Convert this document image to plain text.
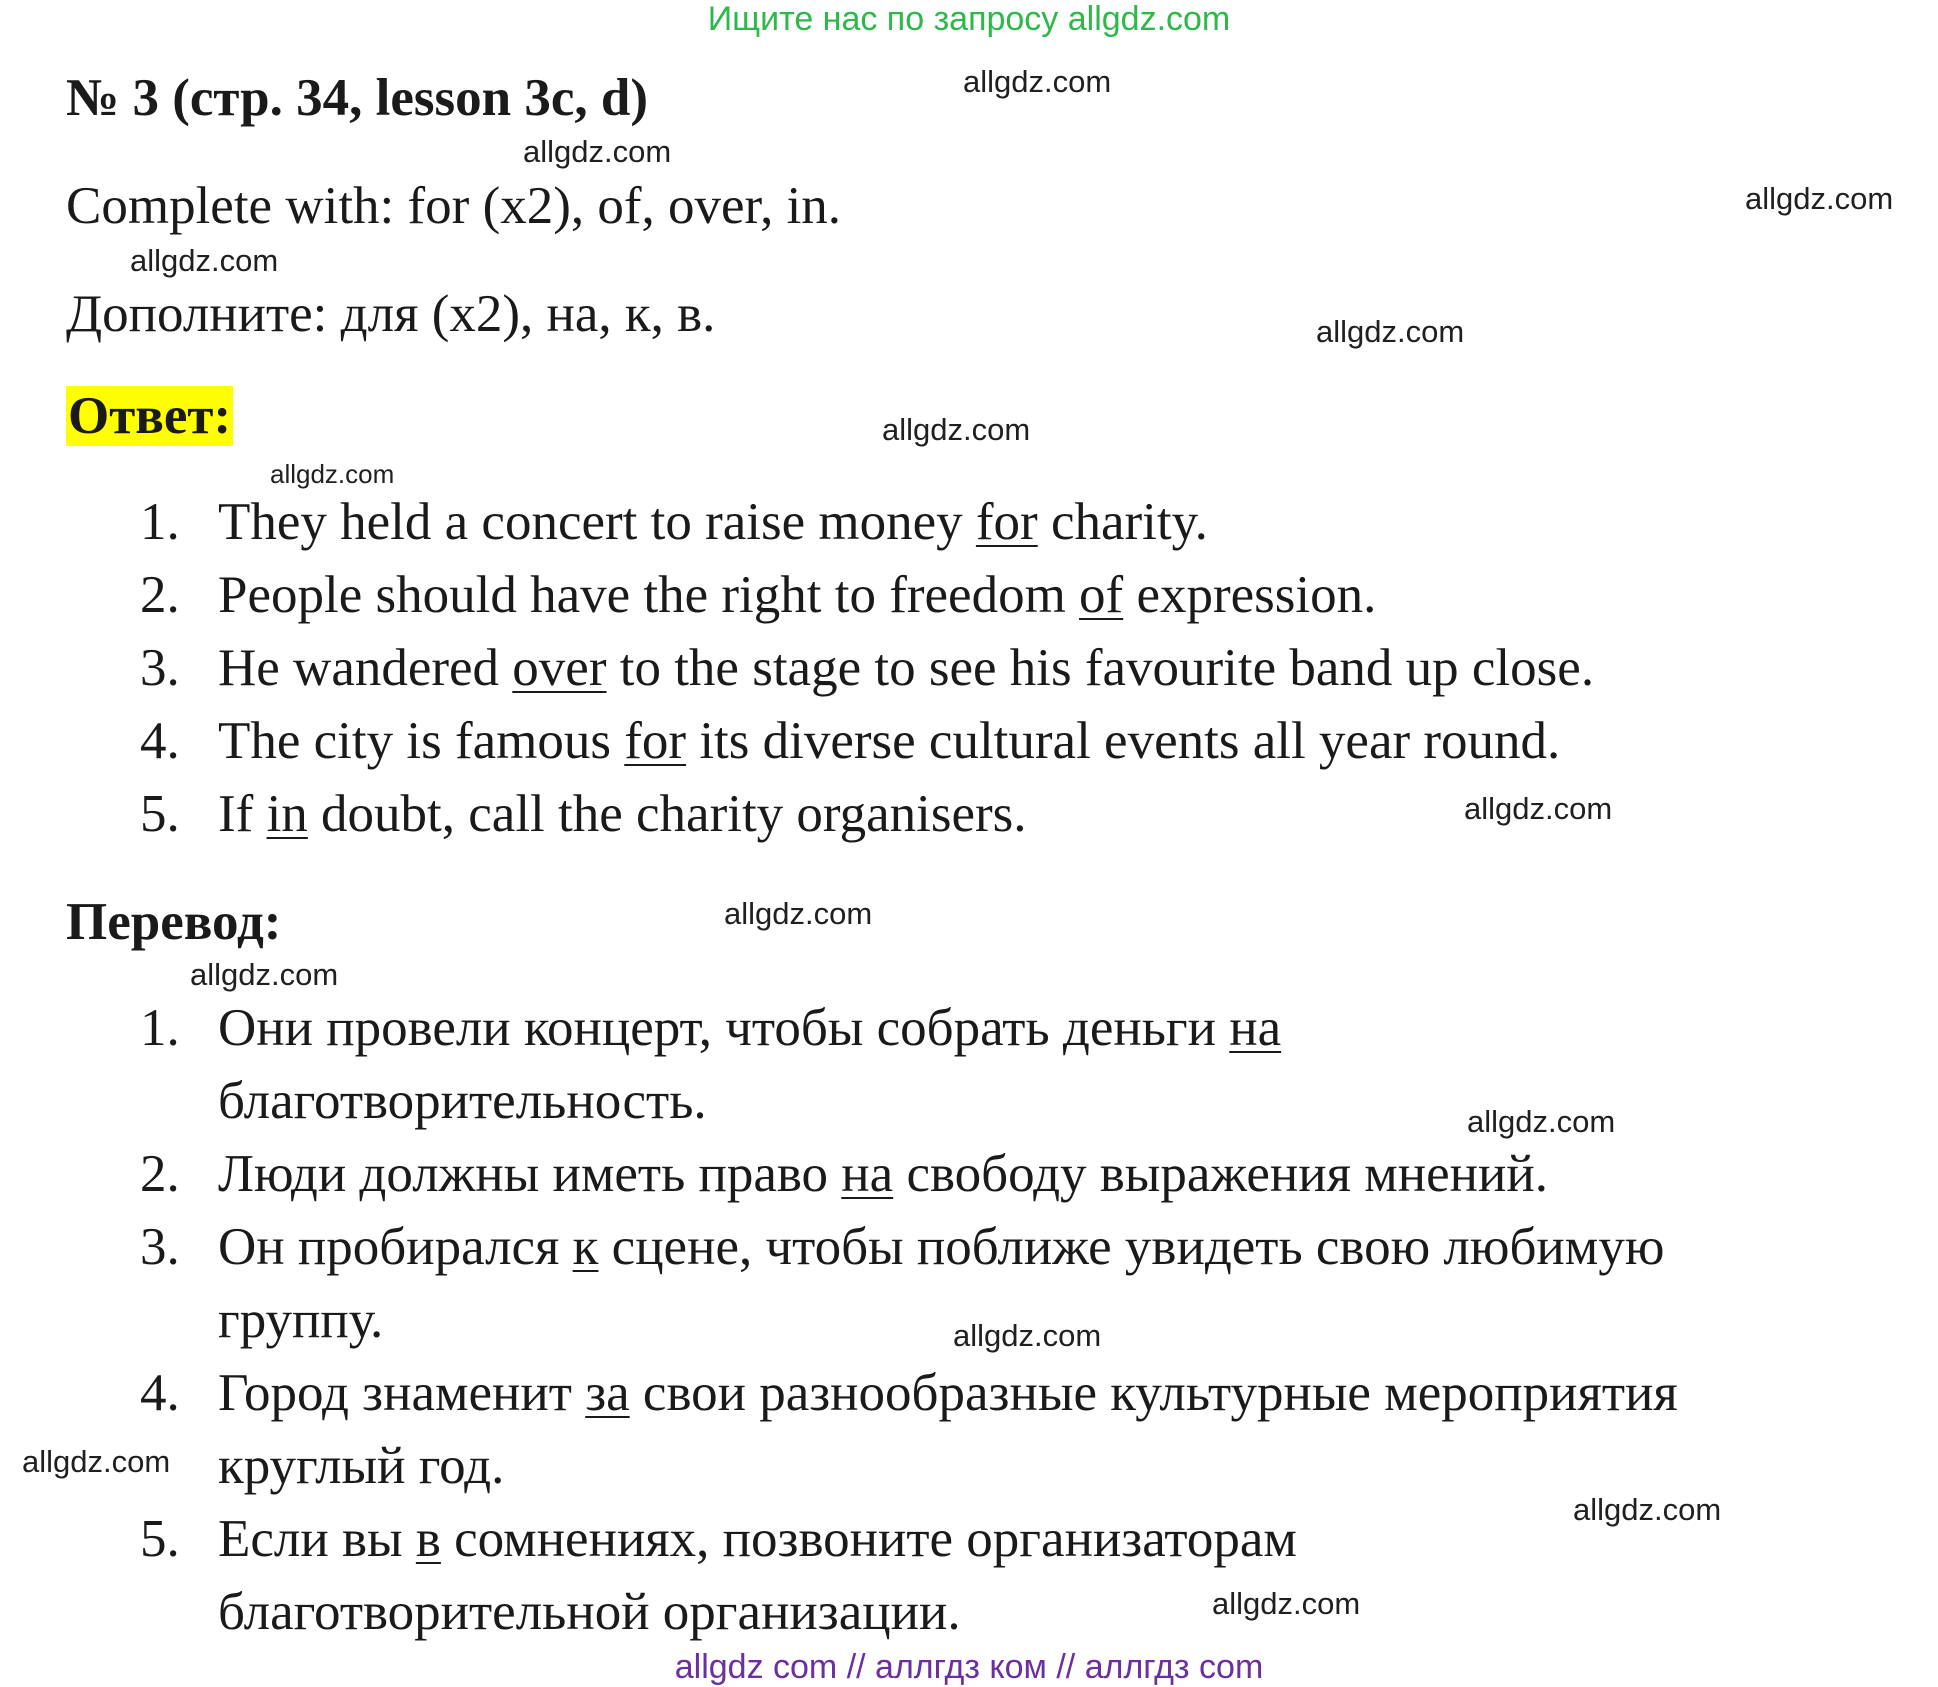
Ищите нас по запросу allgdz.com
№ 3 (стр. 34, lesson 3c, d)
Complete with: for (x2), of, over, in.
Дополните: для (x2), на, к, в.
Ответ:
1. They held a concert to raise money for charity.
2. People should have the right to freedom of expression.
3. He wandered over to the stage to see his favourite band up close.
4. The city is famous for its diverse cultural events all year round.
5. If in doubt, call the charity organisers.
Перевод:
1. Они провели концерт, чтобы собрать деньги на
благотворительность.
2. Люди должны иметь право на свободу выражения мнений.
3. Он пробирался к сцене, чтобы поближе увидеть свою любимую
группу.
4. Город знаменит за свои разнообразные культурные мероприятия
круглый год.
5. Если вы в сомнениях, позвоните организаторам
благотворительной организации.
allgdz.com
allgdz.com
allgdz.com
allgdz.com
allgdz.com
allgdz.com
allgdz.com
allgdz.com
allgdz.com
allgdz.com
allgdz.com
allgdz.com
allgdz.com
allgdz.com
allgdz.com
allgdz com // аллгдз ком // аллгдз com
